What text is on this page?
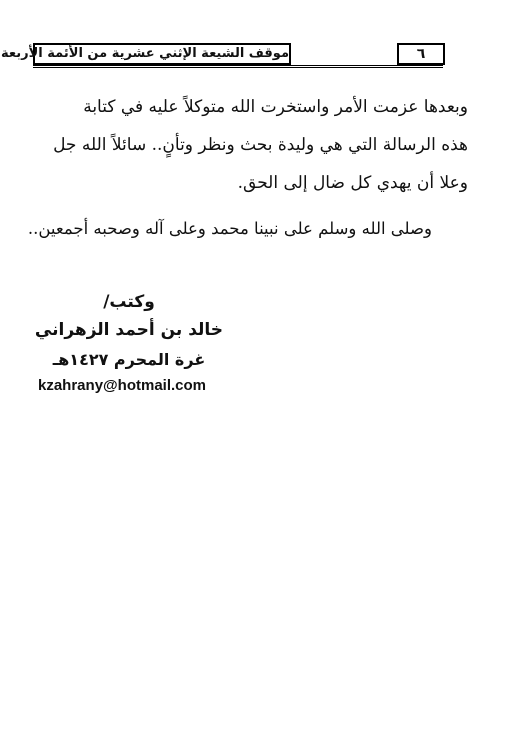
موقف الشيعة الإثني عشرية من الأئمة الأربعة	٦
وبعدها عزمت الأمر واستخرت الله متوكلاً عليه في كتابة
هذه الرسالة التي هي وليدة بحث ونظر وتأنٍ.. سائلاً الله جل
وعلا أن يهدي كل ضال إلى الحق.
وصلى الله وسلم على نبينا محمد وعلى آله وصحبه أجمعين..
وكتب/
خالد بن أحمد الزهراني
غرة المحرم ١٤٢٧هـ
kzahrany@hotmail.com
